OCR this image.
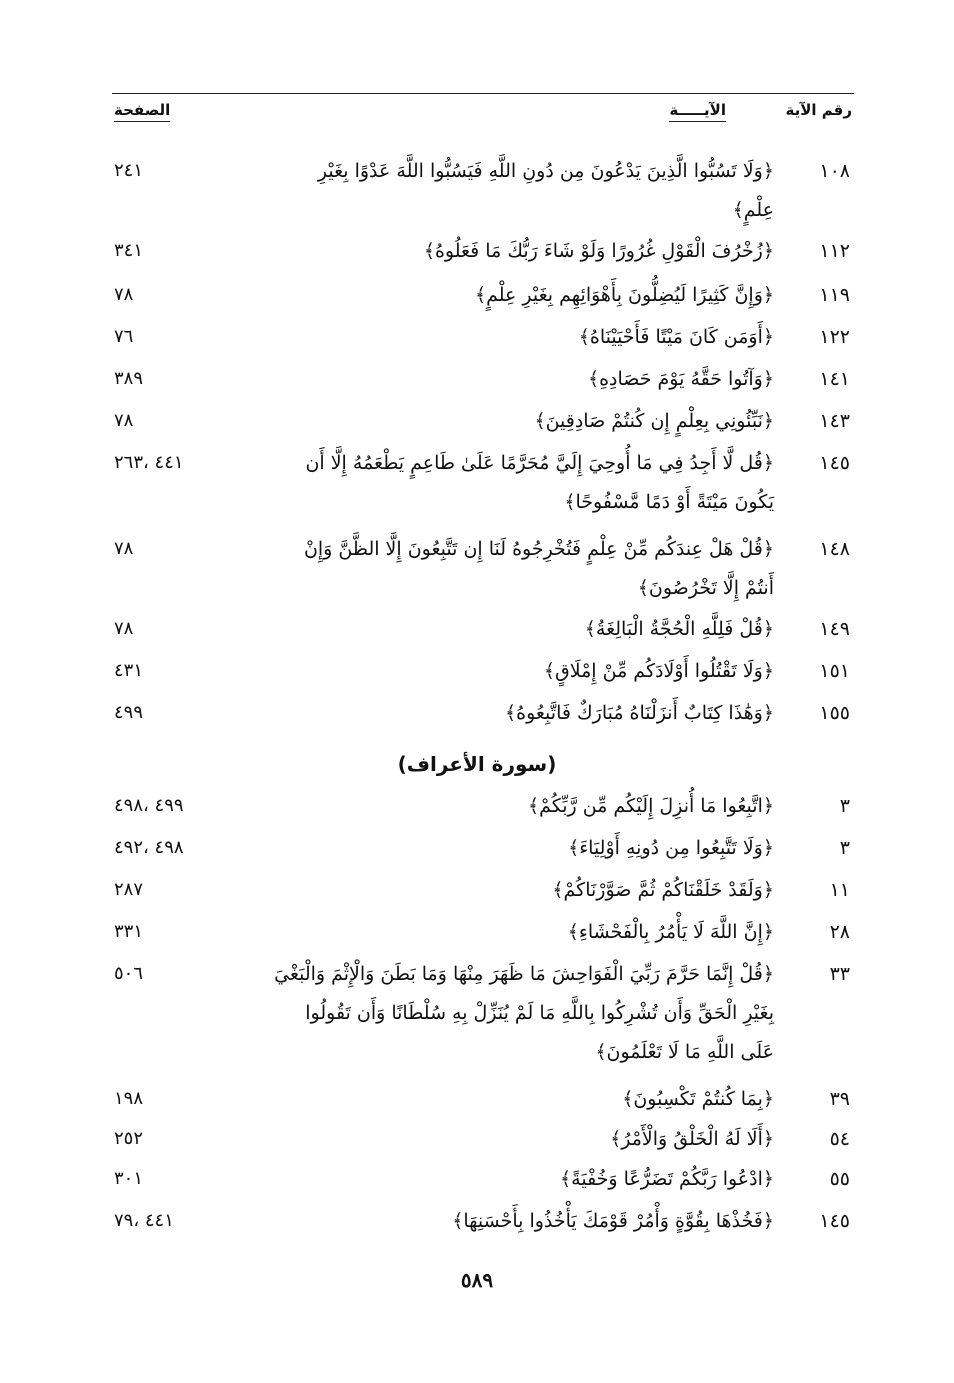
رقم الآية
الآيـــــة
الصفحة
١٠٨
﴿وَلَا تَسُبُّوا الَّذِينَ يَدْعُونَ مِن دُونِ اللَّهِ فَيَسُبُّوا اللَّهَ عَدْوًا بِغَيْرِ عِلْمٍ﴾
٢٤١
١١٢
﴿زُخْرُفَ الْقَوْلِ غُرُورًا وَلَوْ شَاءَ رَبُّكَ مَا فَعَلُوهُ﴾
٣٤١
١١٩
﴿وَإِنَّ كَثِيرًا لَيُضِلُّونَ بِأَهْوَائِهِم بِغَيْرِ عِلْمٍ﴾
٧٨
١٢٢
﴿أَوَمَن كَانَ مَيْتًا فَأَحْيَيْنَاهُ﴾
٧٦
١٤١
﴿وَآتُوا حَقَّهُ يَوْمَ حَصَادِهِ﴾
٣٨٩
١٤٣
﴿نَبِّئُونِي بِعِلْمٍ إِن كُنتُمْ صَادِقِينَ﴾
٧٨
١٤٥
﴿قُل لَّا أَجِدُ فِي مَا أُوحِيَ إِلَيَّ مُحَرَّمًا عَلَىٰ طَاعِمٍ يَطْعَمُهُ إِلَّا أَن يَكُونَ مَيْتَةً أَوْ دَمًا مَّسْفُوحًا﴾
٤٤١ ،٢٦٣
١٤٨
﴿قُلْ هَلْ عِندَكُم مِّنْ عِلْمٍ فَتُخْرِجُوهُ لَنَا إِن تَتَّبِعُونَ إِلَّا الظَّنَّ وَإِنْ أَنتُمْ إِلَّا تَخْرُصُونَ﴾
٧٨
١٤٩
﴿قُلْ فَلِلَّهِ الْحُجَّةُ الْبَالِغَةُ﴾
٧٨
١٥١
﴿وَلَا تَقْتُلُوا أَوْلَادَكُم مِّنْ إِمْلَاقٍ﴾
٤٣١
١٥٥
﴿وَهَٰذَا كِتَابٌ أَنزَلْنَاهُ مُبَارَكٌ فَاتَّبِعُوهُ﴾
٤٩٩
(سورة الأعراف)
٣
﴿اتَّبِعُوا مَا أُنزِلَ إِلَيْكُم مِّن رَّبِّكُمْ﴾
٤٩٩ ،٤٩٨
٣
﴿وَلَا تَتَّبِعُوا مِن دُونِهِ أَوْلِيَاءَ﴾
٤٩٨ ،٤٩٢
١١
﴿وَلَقَدْ خَلَقْنَاكُمْ ثُمَّ صَوَّرْنَاكُمْ﴾
٢٨٧
٢٨
﴿إِنَّ اللَّهَ لَا يَأْمُرُ بِالْفَحْشَاءِ﴾
٣٣١
٣٣
﴿قُلْ إِنَّمَا حَرَّمَ رَبِّيَ الْفَوَاحِشَ مَا ظَهَرَ مِنْهَا وَمَا بَطَنَ وَالْإِثْمَ وَالْبَغْيَ بِغَيْرِ الْحَقِّ وَأَن تُشْرِكُوا بِاللَّهِ مَا لَمْ يُنَزِّلْ بِهِ سُلْطَانًا وَأَن تَقُولُوا عَلَى اللَّهِ مَا لَا تَعْلَمُونَ﴾
٥٠٦
٣٩
﴿بِمَا كُنتُمْ تَكْسِبُونَ﴾
١٩٨
٥٤
﴿أَلَا لَهُ الْخَلْقُ وَالْأَمْرُ﴾
٢٥٢
٥٥
﴿ادْعُوا رَبَّكُمْ تَضَرُّعًا وَخُفْيَةً﴾
٣٠١
١٤٥
﴿فَخُذْهَا بِقُوَّةٍ وَأْمُرْ قَوْمَكَ يَأْخُذُوا بِأَحْسَنِهَا﴾
٤٤١ ،٧٩
٥٨٩
